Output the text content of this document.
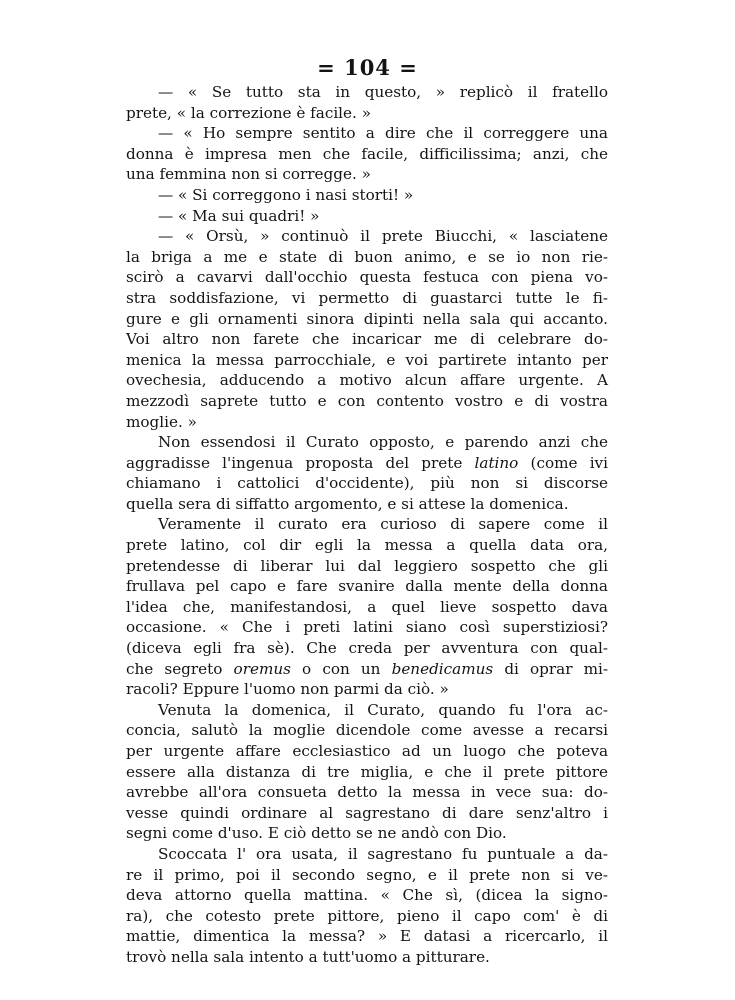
= 104 =
— « Se tutto sta in questo, » replicò il fratello
prete, « la correzione è facile. »
— « Ho sempre sentito a dire che il correggere una
donna è impresa men che facile, difficilissima; anzi, che
una femmina non si corregge. »
— « Si correggono i nasi storti! »
— « Ma sui quadri! »
— « Orsù, » continuò il prete Biucchi, « lasciatene
la briga a me e state di buon animo, e se io non rie-
scirò a cavarvi dall'occhio questa festuca con piena vo-
stra soddisfazione, vi permetto di guastarci tutte le fi-
gure e gli ornamenti sinora dipinti nella sala qui accanto.
Voi altro non farete che incaricar me di celebrare do-
menica la messa parrocchiale, e voi partirete intanto per
ovechesia, adducendo a motivo alcun affare urgente. A
mezzodì saprete tutto e con contento vostro e di vostra
moglie. »
Non essendosi il Curato opposto, e parendo anzi che
aggradisse l'ingenua proposta del prete latino (come ivi
chiamano i cattolici d'occidente), più non si discorse
quella sera di siffatto argomento, e si attese la domenica.
Veramente il curato era curioso di sapere come il
prete latino, col dir egli la messa a quella data ora,
pretendesse di liberar lui dal leggiero sospetto che gli
frullava pel capo e fare svanire dalla mente della donna
l'idea che, manifestandosi, a quel lieve sospetto dava
occasione. « Che i preti latini siano così superstiziosi?
(diceva egli fra sè). Che creda per avventura con qual-
che segreto oremus o con un benedicamus di oprar mi-
racoli? Eppure l'uomo non parmi da ciò. »
Venuta la domenica, il Curato, quando fu l'ora ac-
concia, salutò la moglie dicendole come avesse a recarsi
per urgente affare ecclesiastico ad un luogo che poteva
essere alla distanza di tre miglia, e che il prete pittore
avrebbe all'ora consueta detto la messa in vece sua: do-
vesse quindi ordinare al sagrestano di dare senz'altro i
segni come d'uso. E ciò detto se ne andò con Dio.
Scoccata l' ora usata, il sagrestano fu puntuale a da-
re il primo, poi il secondo segno, e il prete non si ve-
deva attorno quella mattina. « Che sì, (dicea la signo-
ra), che cotesto prete pittore, pieno il capo com' è di
mattie, dimentica la messa? » E datasi a ricercarlo, il
trovò nella sala intento a tutt'uomo a pitturare.
